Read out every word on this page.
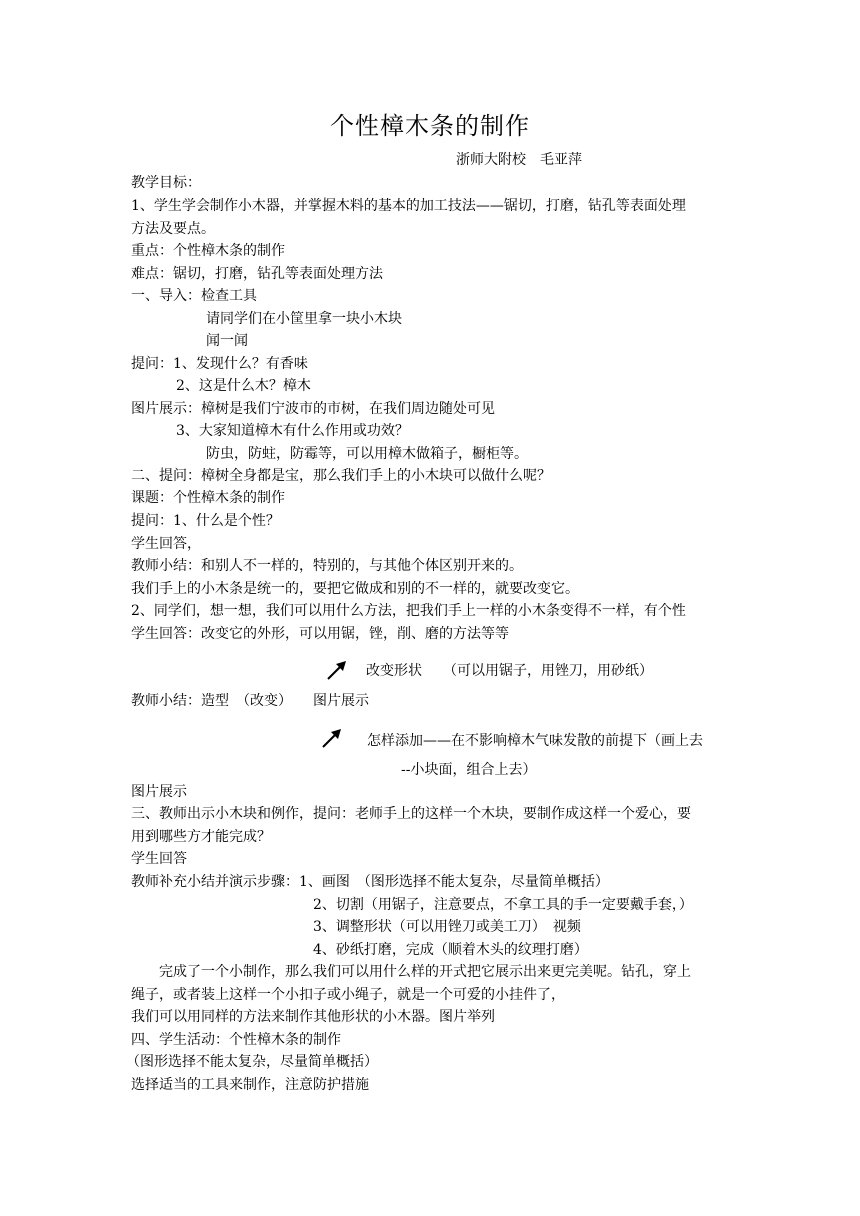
个性樟木条的制作
浙师大附校　毛亚萍
教学目标：
1、学生学会制作小木器，并掌握木料的基本的加工技法——锯切，打磨，钻孔等表面处理
方法及要点。
重点：个性樟木条的制作
难点：锯切，打磨，钻孔等表面处理方法
一、导入：检查工具
请同学们在小筐里拿一块小木块
闻一闻
提问：1、发现什么？有香味
2、这是什么木？樟木
图片展示：樟树是我们宁波市的市树，在我们周边随处可见
3、大家知道樟木有什么作用或功效？
防虫，防蛀，防霉等，可以用樟木做箱子，橱柜等。
二、提问：樟树全身都是宝，那么我们手上的小木块可以做什么呢？
课题：个性樟木条的制作
提问：1、什么是个性？
学生回答，
教师小结：和别人不一样的，特别的，与其他个体区别开来的。
我们手上的小木条是统一的，要把它做成和别的不一样的，就要改变它。
2、同学们，想一想，我们可以用什么方法，把我们手上一样的小木条变得不一样，有个性
学生回答：改变它的外形，可以用锯，锉，削、磨的方法等等
改变形状　　（可以用锯子，用锉刀，用砂纸）
教师小结：造型　（改变）　　图片展示
怎样添加——在不影响樟木气味发散的前提下（画上去
--小块面，组合上去）
图片展示
三、教师出示小木块和例作，提问：老师手上的这样一个木块，要制作成这样一个爱心，要
用到哪些方才能完成？
学生回答
教师补充小结并演示步骤：1、画图　（图形选择不能太复杂，尽量简单概括）
2、切割（用锯子，注意要点，不拿工具的手一定要戴手套，）
3、调整形状（可以用锉刀或美工刀）　视频
4、砂纸打磨，完成（顺着木头的纹理打磨）
完成了一个小制作，那么我们可以用什么样的开式把它展示出来更完美呢。钻孔，穿上
绳子，或者装上这样一个小扣子或小绳子，就是一个可爱的小挂件了，
我们可以用同样的方法来制作其他形状的小木器。图片举列
四、学生活动：个性樟木条的制作
（图形选择不能太复杂，尽量简单概括）
选择适当的工具来制作，注意防护措施
